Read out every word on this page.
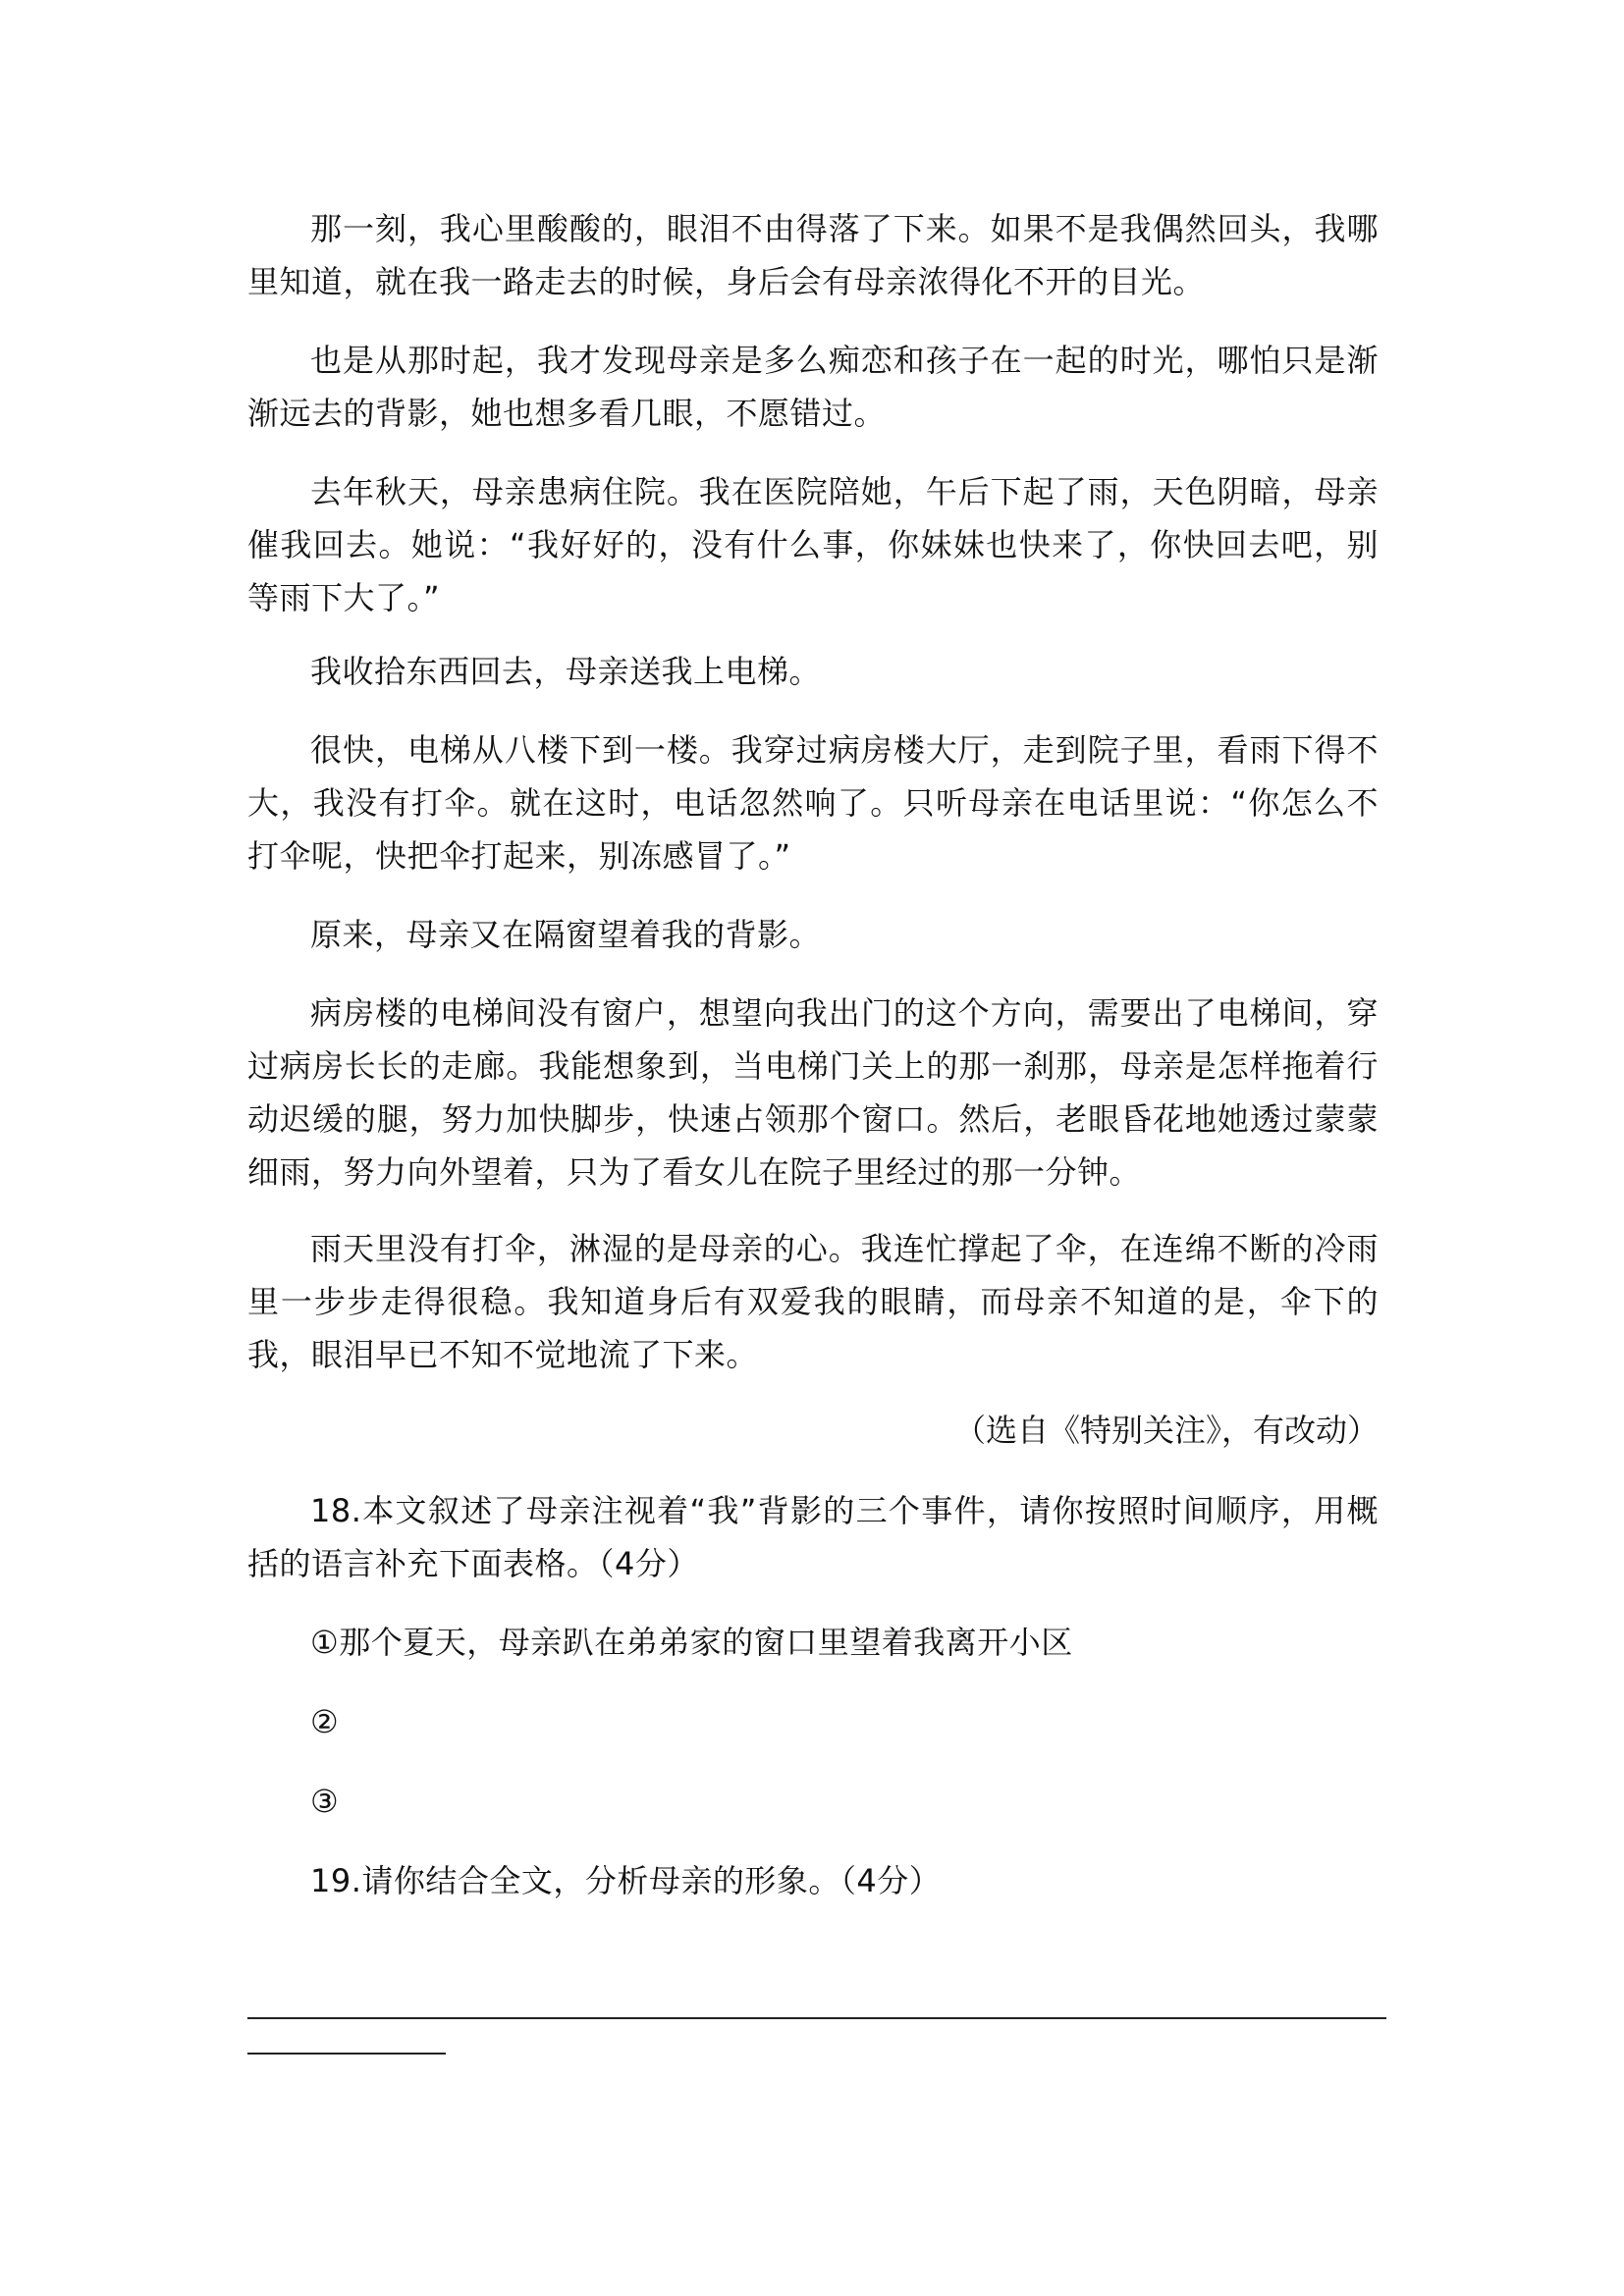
那一刻，我心里酸酸的，眼泪不由得落了下来。如果不是我偶然回头，我哪里知道，就在我一路走去的时候，身后会有母亲浓得化不开的目光。

也是从那时起，我才发现母亲是多么痴恋和孩子在一起的时光，哪怕只是渐渐远去的背影，她也想多看几眼，不愿错过。

去年秋天，母亲患病住院。我在医院陪她，午后下起了雨，天色阴暗，母亲催我回去。她说：“我好好的，没有什么事，你妹妹也快来了，你快回去吧，别等雨下大了。”

我收拾东西回去，母亲送我上电梯。

很快，电梯从八楼下到一楼。我穿过病房楼大厅，走到院子里，看雨下得不大，我没有打伞。就在这时，电话忽然响了。只听母亲在电话里说：“你怎么不打伞呢，快把伞打起来，别冻感冒了。”

原来，母亲又在隔窗望着我的背影。

病房楼的电梯间没有窗户，想望向我出门的这个方向，需要出了电梯间，穿过病房长长的走廊。我能想象到，当电梯门关上的那一刹那，母亲是怎样拖着行动迟缓的腿，努力加快脚步，快速占领那个窗口。然后，老眼昏花地她透过蒙蒙细雨，努力向外望着，只为了看女儿在院子里经过的那一分钟。

雨天里没有打伞，淋湿的是母亲的心。我连忙撑起了伞，在连绵不断的冷雨里一步步走得很稳。我知道身后有双爱我的眼睛，而母亲不知道的是，伞下的我，眼泪早已不知不觉地流了下来。

（选自《特别关注》，有改动）

18.本文叙述了母亲注视着“我”背影的三个事件，请你按照时间顺序，用概括的语言补充下面表格。（4分）

①那个夏天，母亲趴在弟弟家的窗口里望着我离开小区

②

③

19.请你结合全文，分析母亲的形象。（4分）
